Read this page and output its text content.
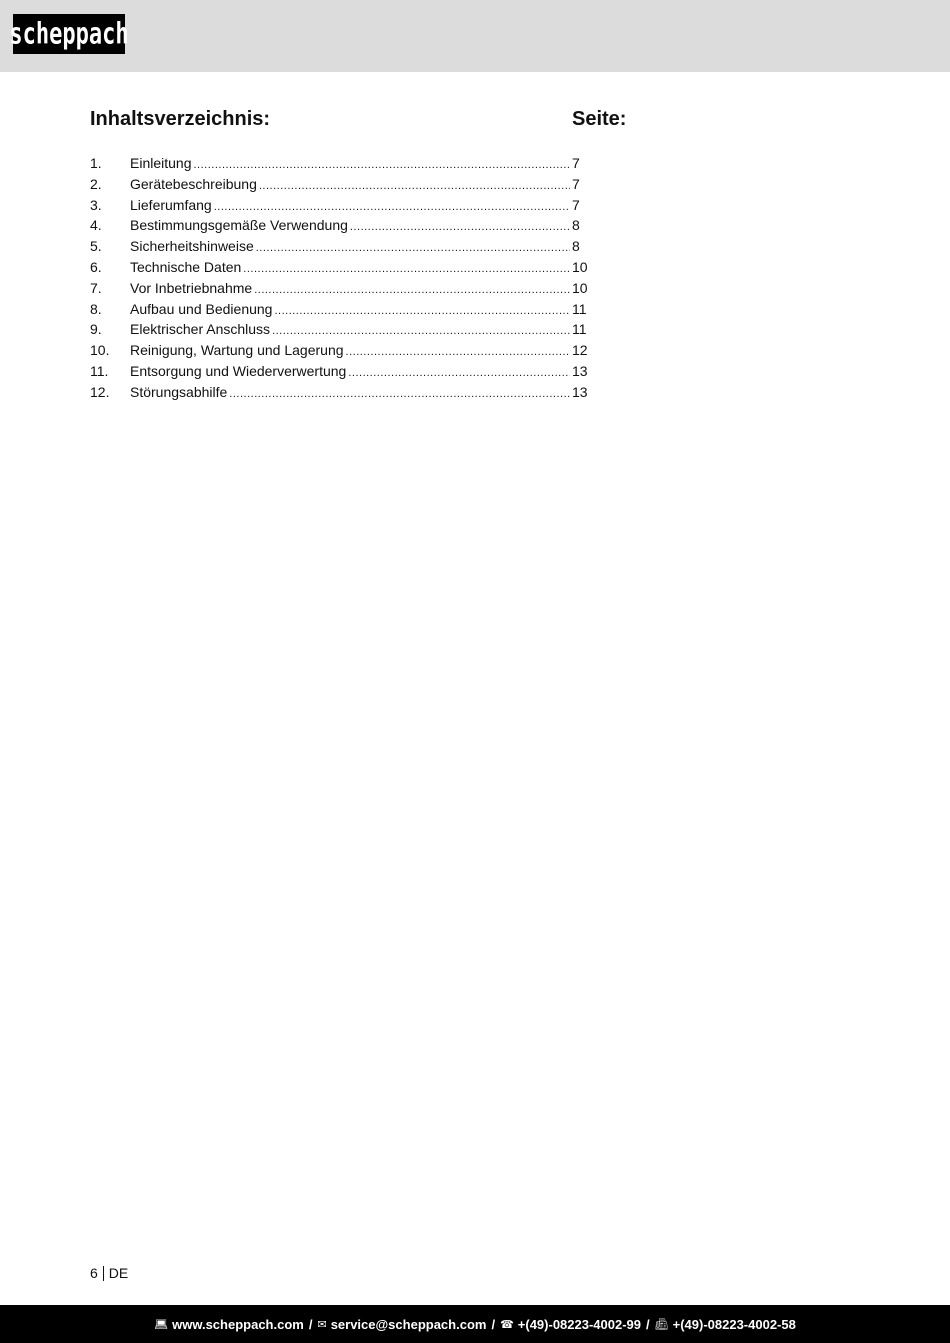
scheppach
Inhaltsverzeichnis:	Seite:
1.	Einleitung .....	7
2.	Gerätebeschreibung .....	7
3.	Lieferumfang .....	7
4.	Bestimmungsgemäße Verwendung .....	8
5.	Sicherheitshinweise .....	8
6.	Technische Daten .....	10
7.	Vor Inbetriebnahme .....	10
8.	Aufbau und Bedienung .....	11
9.	Elektrischer Anschluss .....	11
10.	Reinigung, Wartung und Lagerung .....	12
11.	Entsorgung und Wiederverwertung .....	13
12.	Störungsabhilfe .....	13
6 DE
💻︎ www.scheppach.com / ✉︎ service@scheppach.com / ☎︎ +(49)-08223-4002-99 / 📠︎ +(49)-08223-4002-58
